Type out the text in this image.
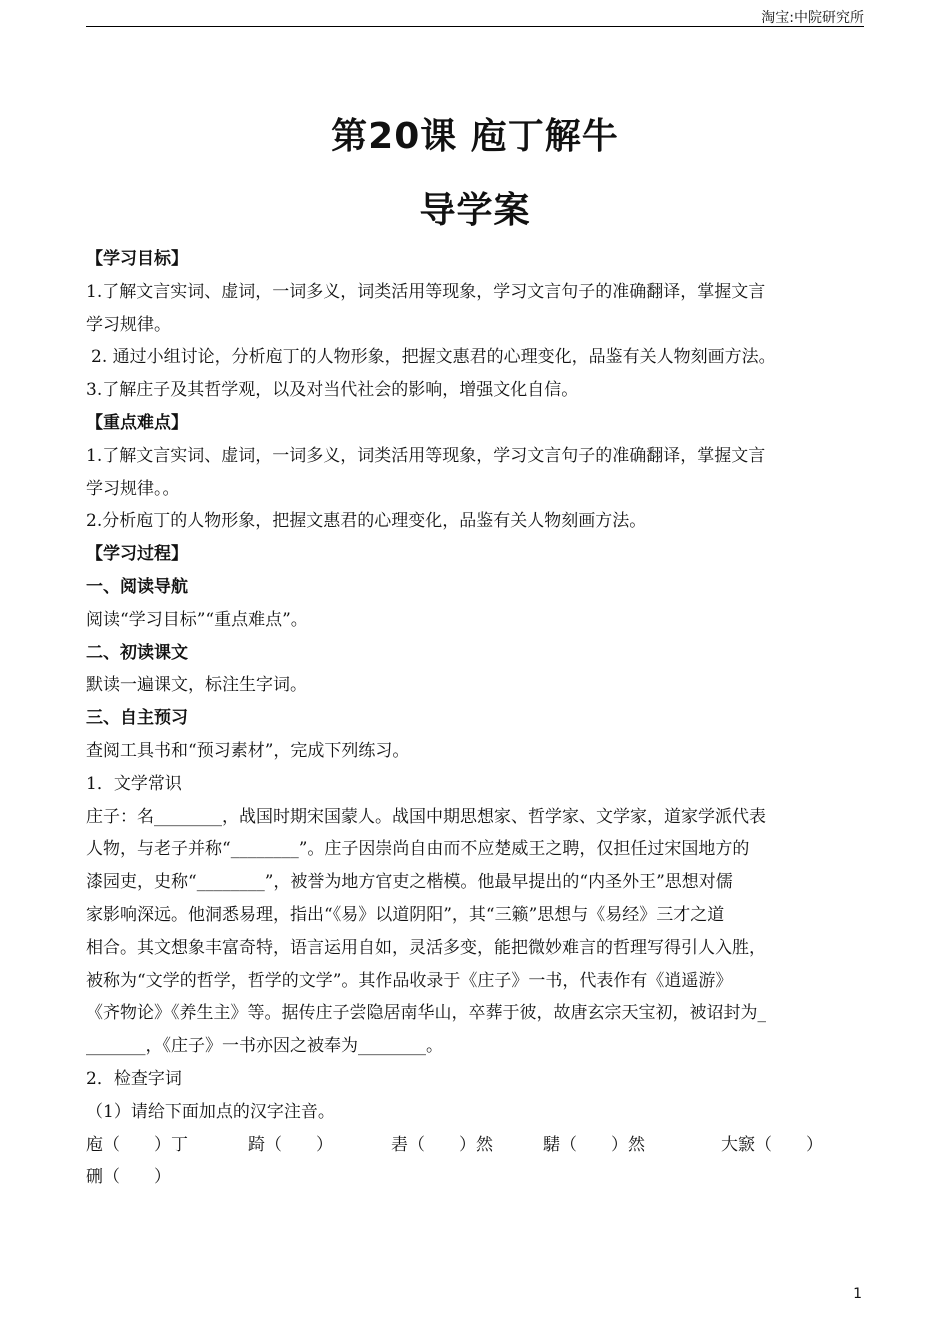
淘宝:中院研究所
第20课 庖丁解牛
导学案
【学习目标】
1.了解文言实词、虚词，一词多义，词类活用等现象，学习文言句子的准确翻译，掌握文言
学习规律。
2. 通过小组讨论，分析庖丁的人物形象，把握文惠君的心理变化，品鉴有关人物刻画方法。
3.了解庄子及其哲学观，以及对当代社会的影响，增强文化自信。
【重点难点】
1.了解文言实词、虚词，一词多义，词类活用等现象，学习文言句子的准确翻译，掌握文言
学习规律。。
2.分析庖丁的人物形象，把握文惠君的心理变化，品鉴有关人物刻画方法。
【学习过程】
一、阅读导航
阅读“学习目标”“重点难点”。
二、初读课文
默读一遍课文，标注生字词。
三、自主预习
查阅工具书和“预习素材”，完成下列练习。
1．文学常识
庄子：名________，战国时期宋国蒙人。战国中期思想家、哲学家、文学家，道家学派代表
人物，与老子并称“________”。庄子因崇尚自由而不应楚威王之聘，仅担任过宋国地方的
漆园吏，史称“________”，被誉为地方官吏之楷模。他最早提出的“内圣外王”思想对儒
家影响深远。他洞悉易理，指出“《易》以道阴阳”，其“三籁”思想与《易经》三才之道
相合。其文想象丰富奇特，语言运用自如，灵活多变，能把微妙难言的哲理写得引人入胜，
被称为“文学的哲学，哲学的文学”。其作品收录于《庄子》一书，代表作有《逍遥游》
《齐物论》《养生主》等。据传庄子尝隐居南华山，卒葬于彼，故唐玄宗天宝初，被诏封为_
_______，《庄子》一书亦因之被奉为________。
2．检查字词
（1）请给下面加点的汉字注音。
庖（　　）丁	踦（　　）	砉（　　）然	騞（　　）然	大窾（　　）
硎（　　）
1
